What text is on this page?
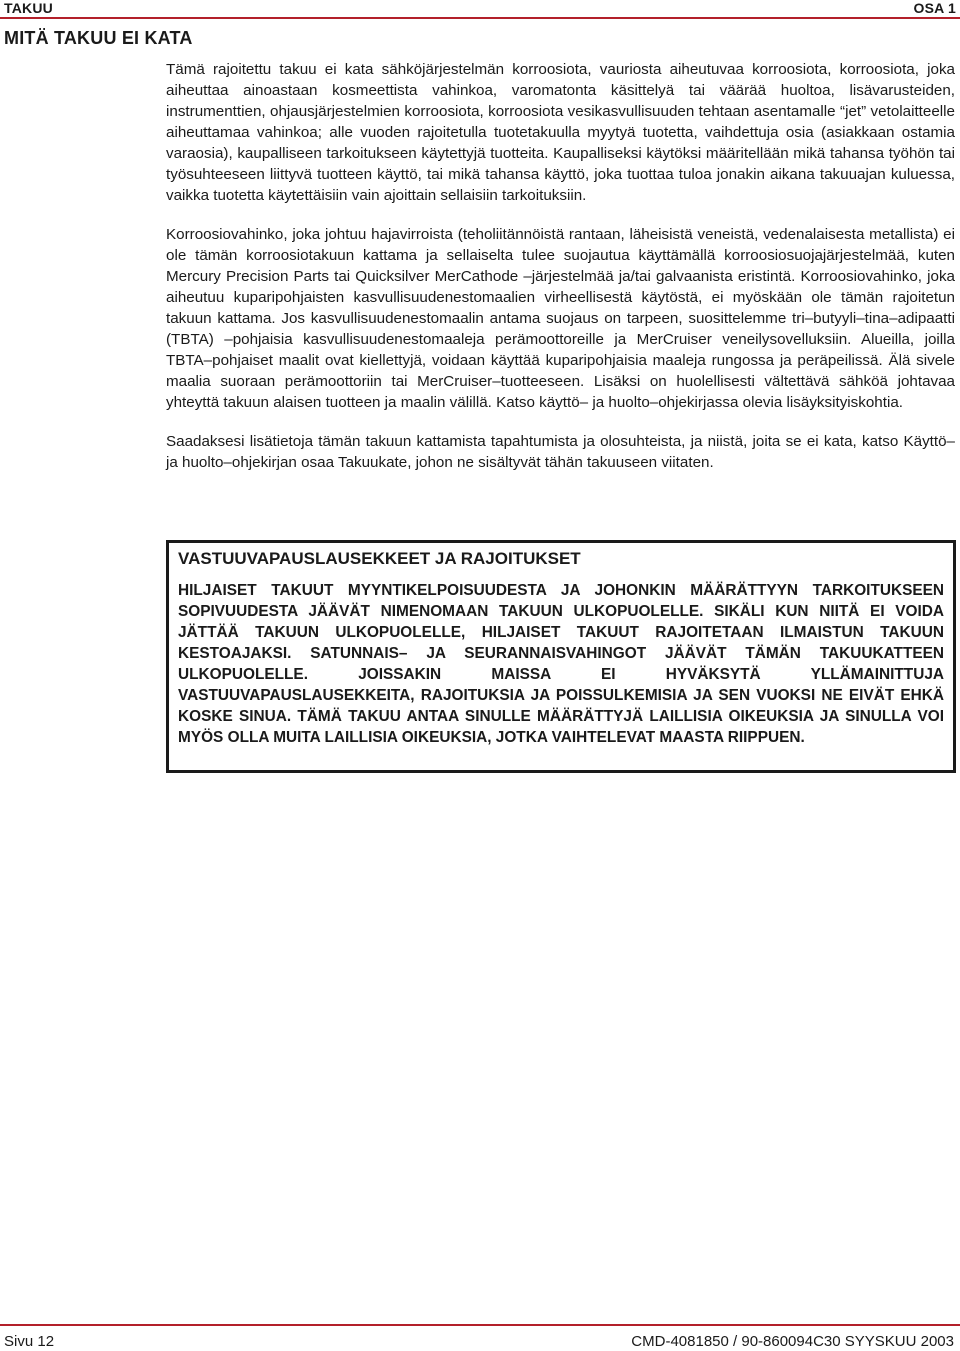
TAKUU	OSA 1
MITÄ TAKUU EI KATA

Tämä rajoitettu takuu ei kata sähköjärjestelmän korroosiota, vauriosta aiheutuvaa korroosiota, korroosiota, joka aiheuttaa ainoastaan kosmeettista vahinkoa, varomatonta käsittelyä tai väärää huoltoa, lisävarusteiden, instrumenttien, ohjausjärjestelmien korroosiota, korroosiota vesikasvullisuuden tehtaan asentamalle “jet” vetolaitteelle aiheuttamaa vahinkoa; alle vuoden rajoitetulla tuotetakuulla myytyä tuotetta, vaihdettuja osia (asiakkaan ostamia varaosia), kaupalliseen tarkoitukseen käytettyjä tuotteita. Kaupalliseksi käytöksi määritellään mikä tahansa työhön tai työsuhteeseen liittyvä tuotteen käyttö, tai mikä tahansa käyttö, joka tuottaa tuloa jonakin aikana takuuajan kuluessa, vaikka tuotetta käytettäisiin vain ajoittain sellaisiin tarkoituksiin.

Korroosiovahinko, joka johtuu hajavirroista (teholiitännöistä rantaan, läheisistä veneistä, vedenalaisesta metallista) ei ole tämän korroosiotakuun kattama ja sellaiselta tulee suojautua käyttämällä korroosiosuojajärjestelmää, kuten Mercury Precision Parts tai Quicksilver MerCathode –järjestelmää ja/tai galvaanista eristintä. Korroosiovahinko, joka aiheutuu kuparipohjaisten kasvullisuudenestomaalien virheellisestä käytöstä, ei myöskään ole tämän rajoitetun takuun kattama. Jos kasvullisuudenestomaalin antama suojaus on tarpeen, suosittelemme tri–butyyli–tina–adipaatti (TBTA) –pohjaisia kasvullisuudenestomaaleja perämoottoreille ja MerCruiser veneilysovelluksiin. Alueilla, joilla TBTA–pohjaiset maalit ovat kiellettyjä, voidaan käyttää kuparipohjaisia maaleja rungossa ja peräpeilissä. Älä sivele maalia suoraan perämoottoriin tai MerCruiser–tuotteeseen. Lisäksi on huolellisesti vältettävä sähköä johtavaa yhteyttä takuun alaisen tuotteen ja maalin välillä. Katso käyttö– ja huolto–ohjekirjassa olevia lisäyksityiskohtia.

Saadaksesi lisätietoja tämän takuun kattamista tapahtumista ja olosuhteista, ja niistä, joita se ei kata, katso Käyttö– ja huolto–ohjekirjan osaa Takuukate, johon ne sisältyvät tähän takuuseen viitaten.

VASTUUVAPAUSLAUSEKKEET JA RAJOITUKSET

HILJAISET TAKUUT MYYNTIKELPOISUUDESTA JA JOHONKIN MÄÄRÄTTYYN TARKOITUKSEEN SOPIVUUDESTA JÄÄVÄT NIMENOMAAN TAKUUN ULKOPUOLELLE. SIKÄLI KUN NIITÄ EI VOIDA JÄTTÄÄ TAKUUN ULKOPUOLELLE, HILJAISET TAKUUT RAJOITETAAN ILMAISTUN TAKUUN KESTOAJAKSI. SATUNNAIS– JA SEURANNAISVAHINGOT JÄÄVÄT TÄMÄN TAKUUKATTEEN ULKOPUOLELLE. JOISSAKIN MAISSA EI HYVÄKSYTÄ YLLÄMAINITTUJA VASTUUVAPAUSLAUSEKKEITA, RAJOITUKSIA JA POISSULKEMISIA JA SEN VUOKSI NE EIVÄT EHKÄ KOSKE SINUA. TÄMÄ TAKUU ANTAA SINULLE MÄÄRÄTTYJÄ LAILLISIA OIKEUKSIA JA SINULLA VOI MYÖS OLLA MUITA LAILLISIA OIKEUKSIA, JOTKA VAIHTELEVAT MAASTA RIIPPUEN.

Sivu 12	CMD-4081850 / 90-860094C30 SYYSKUU 2003
